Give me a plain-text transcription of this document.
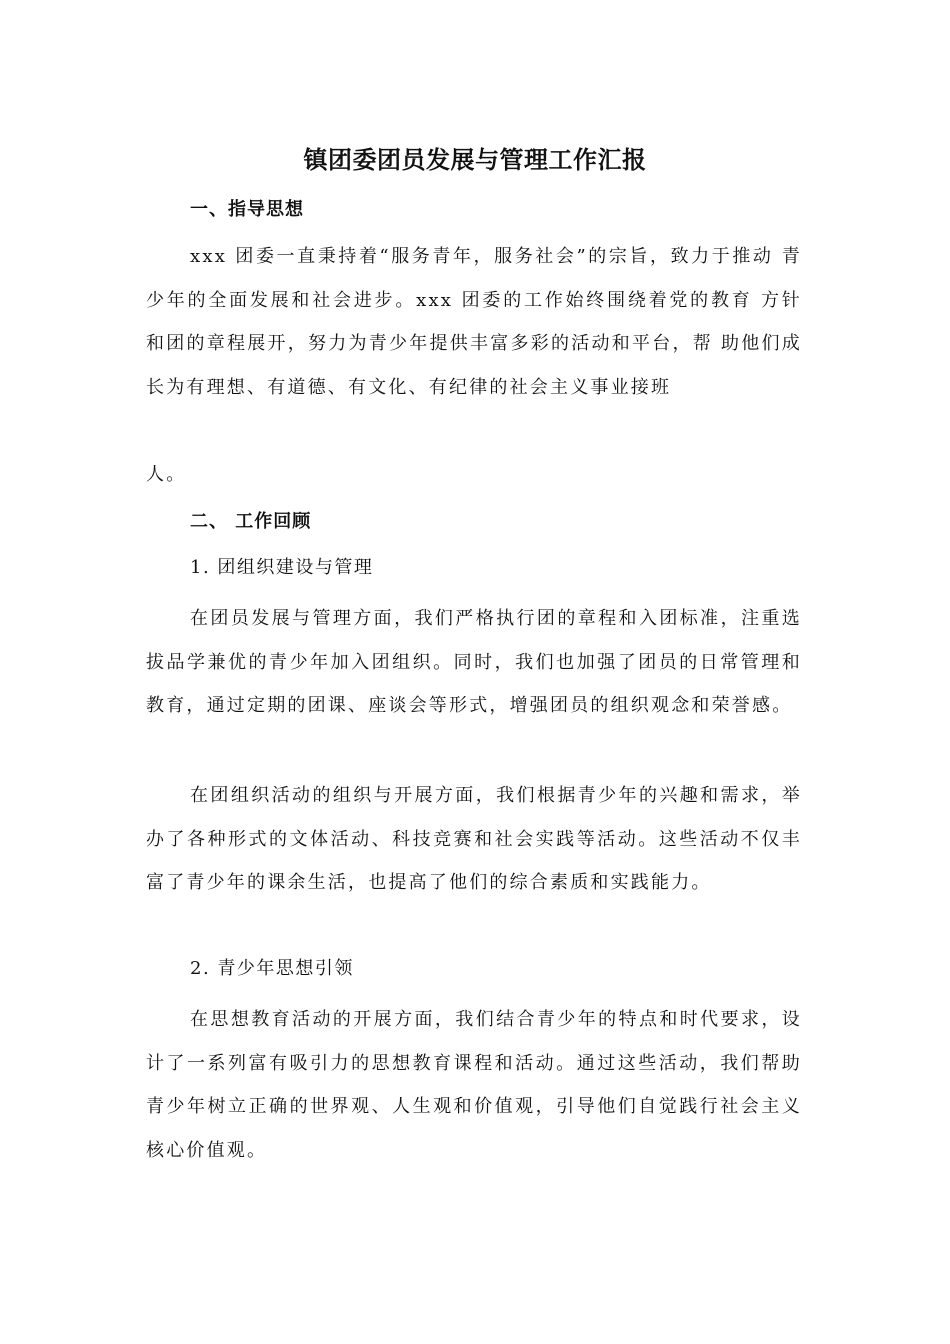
镇团委团员发展与管理工作汇报
一、指导思想

xxx 团委一直秉持着“服务青年，服务社会”的宗旨，致力于推动 青少年的全面发展和社会进步。xxx 团委的工作始终围绕着党的教育 方针和团的章程展开，努力为青少年提供丰富多彩的活动和平台，帮 助他们成长为有理想、有道德、有文化、有纪律的社会主义事业接班

人。

二、 工作回顾
1. 团组织建设与管理

在团员发展与管理方面，我们严格执行团的章程和入团标准，注重选拔品学兼优的青少年加入团组织。同时，我们也加强了团员的日常管理和教育，通过定期的团课、座谈会等形式，增强团员的组织观念和荣誉感。

在团组织活动的组织与开展方面，我们根据青少年的兴趣和需求，举办了各种形式的文体活动、科技竞赛和社会实践等活动。这些活动不仅丰富了青少年的课余生活，也提高了他们的综合素质和实践能力。

2. 青少年思想引领

在思想教育活动的开展方面，我们结合青少年的特点和时代要求，设计了一系列富有吸引力的思想教育课程和活动。通过这些活动，我们帮助青少年树立正确的世界观、人生观和价值观，引导他们自觉践行社会主义核心价值观。
